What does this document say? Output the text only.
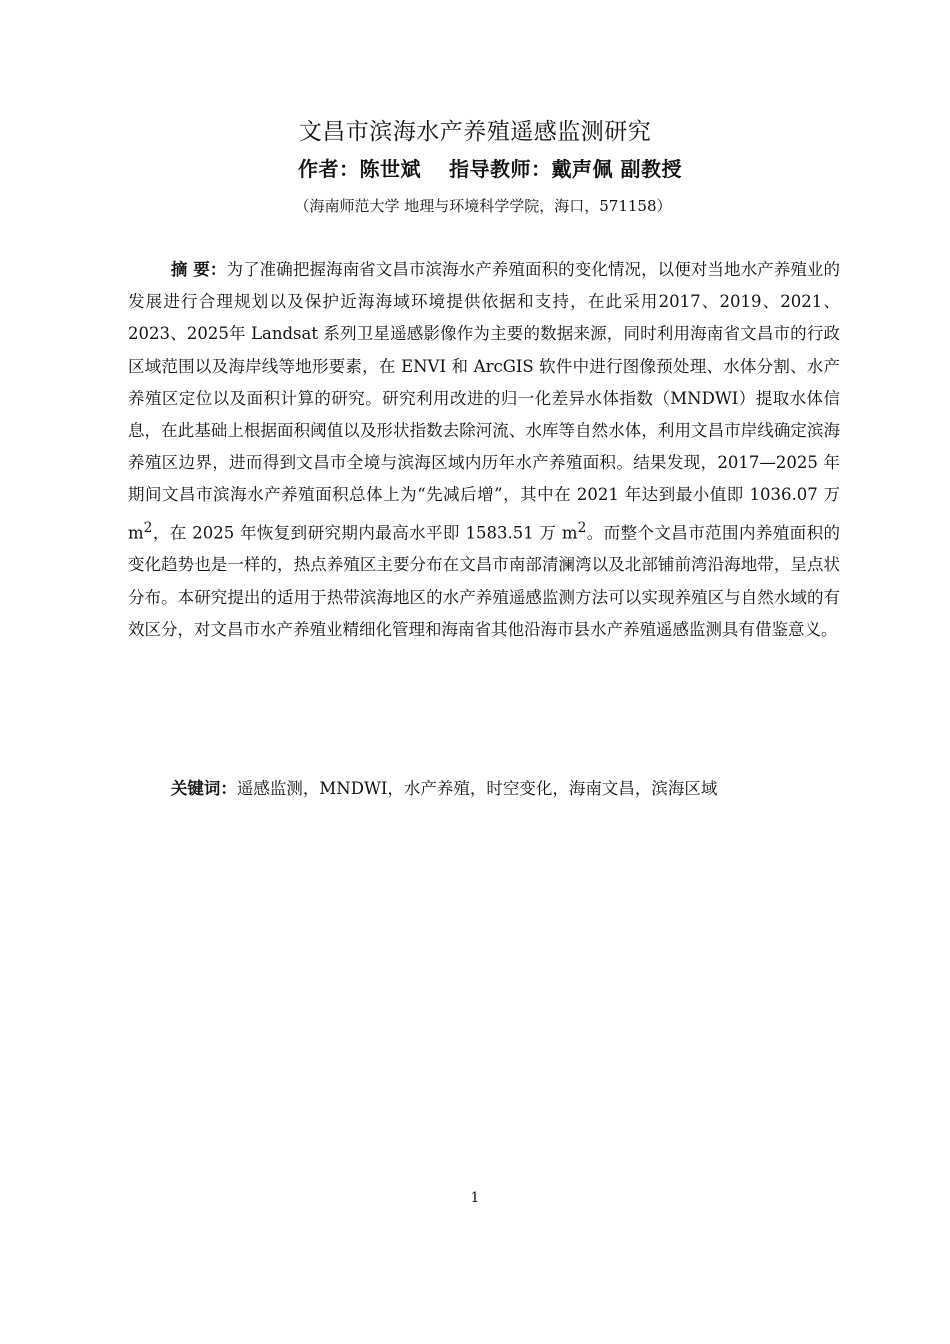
文昌市滨海水产养殖遥感监测研究
作者：陈世斌 指导教师：戴声佩 副教授
（海南师范大学 地理与环境科学学院，海口，571158）

摘 要：为了准确把握海南省文昌市滨海水产养殖面积的变化情况，以便对当地水产养殖业的发展进行合理规划以及保护近海海域环境提供依据和支持，在此采用2017、2019、2021、2023、2025年 Landsat 系列卫星遥感影像作为主要的数据来源，同时利用海南省文昌市的行政区域范围以及海岸线等地形要素，在 ENVI 和 ArcGIS 软件中进行图像预处理、水体分割、水产养殖区定位以及面积计算的研究。研究利用改进的归一化差异水体指数（MNDWI）提取水体信息，在此基础上根据面积阈值以及形状指数去除河流、水库等自然水体，利用文昌市岸线确定滨海养殖区边界，进而得到文昌市全境与滨海区域内历年水产养殖面积。结果发现，2017—2025 年期间文昌市滨海水产养殖面积总体上为“先减后增”，其中在 2021 年达到最小值即 1036.07 万 $m^2$，在 2025 年恢复到研究期内最高水平即 1583.51 万 $m^2$。而整个文昌市范围内养殖面积的变化趋势也是一样的，热点养殖区主要分布在文昌市南部清澜湾以及北部铺前湾沿海地带，呈点状分布。本研究提出的适用于热带滨海地区的水产养殖遥感监测方法可以实现养殖区与自然水域的有效区分，对文昌市水产养殖业精细化管理和海南省其他沿海市县水产养殖遥感监测具有借鉴意义。

关键词：遥感监测，MNDWI，水产养殖，时空变化，海南文昌，滨海区域

1
